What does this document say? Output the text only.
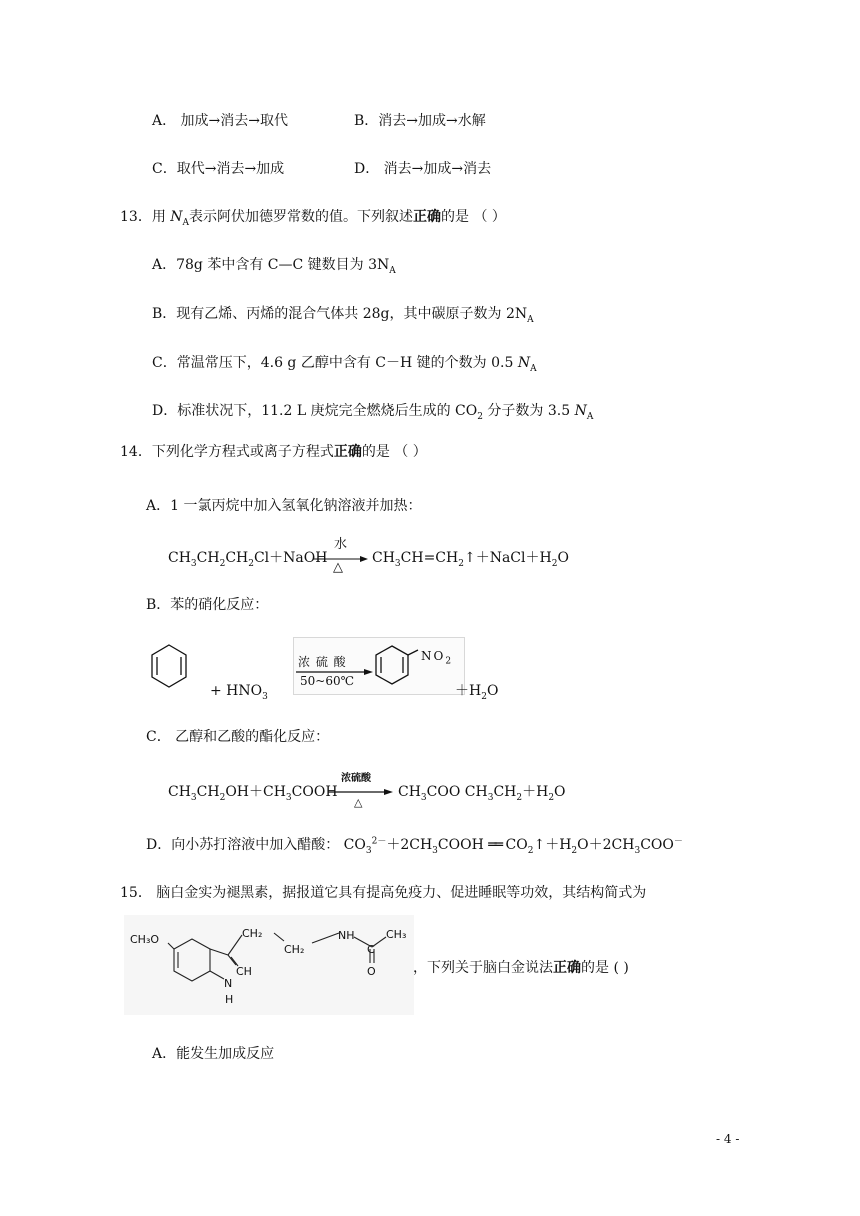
A． 加成→消去→取代	B．消去→加成→水解
C．取代→消去→加成	D． 消去→加成→消去
13．用 $N_A$表示阿伏加德罗常数的值。下列叙述正确的是 （ ）
A．78g 苯中含有 C—C 键数目为 $3N_A$
B．现有乙烯、丙烯的混合气体共 28g，其中碳原子数为 $2N_A$
C．常温常压下，4.6 g 乙醇中含有 C－H 键的个数为 0.5 $N_A$
D．标准状况下，11.2 L 庚烷完全燃烧后生成的 $CO_2$ 分子数为 3.5 $N_A$
14．下列化学方程式或离子方程式正确的是 （ ）
A．1 一氯丙烷中加入氢氧化钠溶液并加热：
$CH_3CH_2CH_2Cl+NaOH$
水
△
$CH_3CH=CH_2↑+NaCl+H_2O$
B．苯的硝化反应：
+ $HNO_3$
浓 硫 酸
50~60℃
$NO_2$
$+H_2O$
C． 乙醇和乙酸的酯化反应：
$CH_3CH_2OH+CH_3COOH$
浓硫酸
△
$CH_3COO$ $CH_3CH_2+H_2O$
D．向小苏打溶液中加入醋酸： $CO_3^{2-}+2CH_3COOH$ ══ $CO_2↑+H_2O+2CH_3COO^-$
15． 脑白金实为褪黑素，据报道它具有提高免疫力、促进睡眠等功效，其结构简式为
CH₃O	CH₂
CH₂
NH	CH₃
C
O
CH
N
H
，下列关于脑白金说法正确的是 ( )
A．能发生加成反应
- 4 -
